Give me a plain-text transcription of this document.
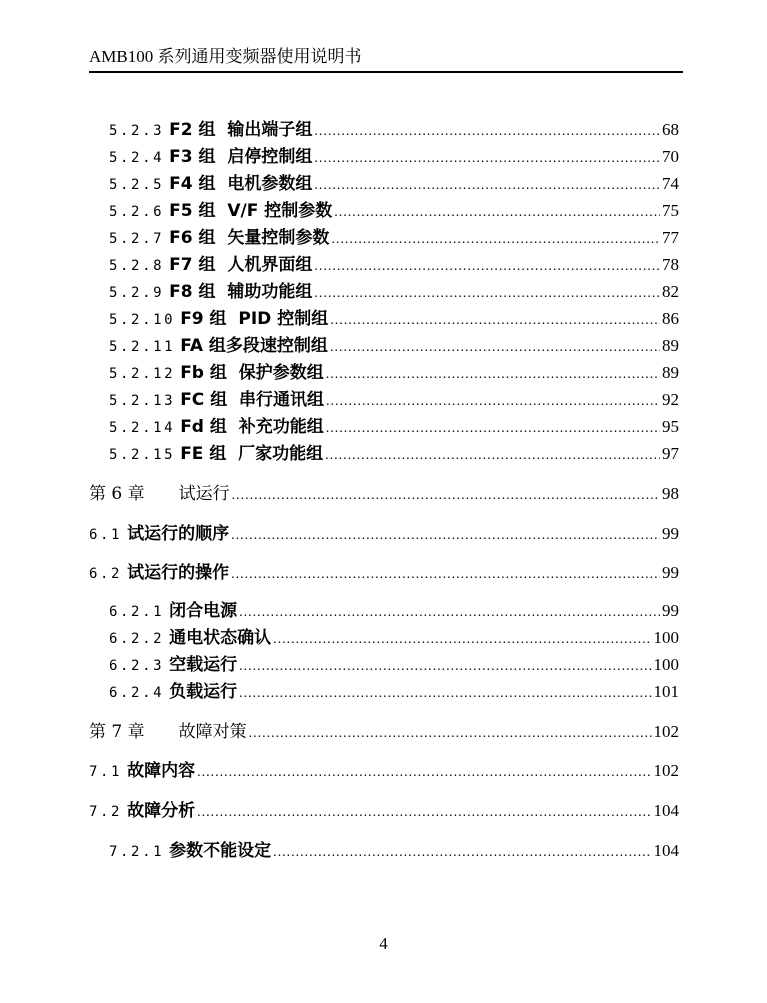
AMB100 系列通用变频器使用说明书
5.2.3 F2 组  输出端子组 .....	68
5.2.4 F3 组  启停控制组 .....	70
5.2.5 F4 组  电机参数组 .....	74
5.2.6 F5 组  V/F 控制参数 .....	75
5.2.7 F6 组  矢量控制参数 .....	77
5.2.8 F7 组  人机界面组 .....	78
5.2.9 F8 组  辅助功能组 .....	82
5.2.10 F9 组  PID 控制组 .....	86
5.2.11 FA 组多段速控制组 .....	89
5.2.12 Fb 组  保护参数组 .....	89
5.2.13 FC 组  串行通讯组 .....	92
5.2.14 Fd 组  补充功能组 .....	95
5.2.15 FE 组  厂家功能组 .....	97
第 6 章 试运行 .....	98
6.1 试运行的顺序 .....	99
6.2 试运行的操作 .....	99
6.2.1 闭合电源 .....	99
6.2.2 通电状态确认 .....	100
6.2.3 空载运行 .....	100
6.2.4 负载运行 .....	101
第 7 章 故障对策 .....	102
7.1 故障内容 .....	102
7.2 故障分析 .....	104
7.2.1 参数不能设定 .....	104
4
